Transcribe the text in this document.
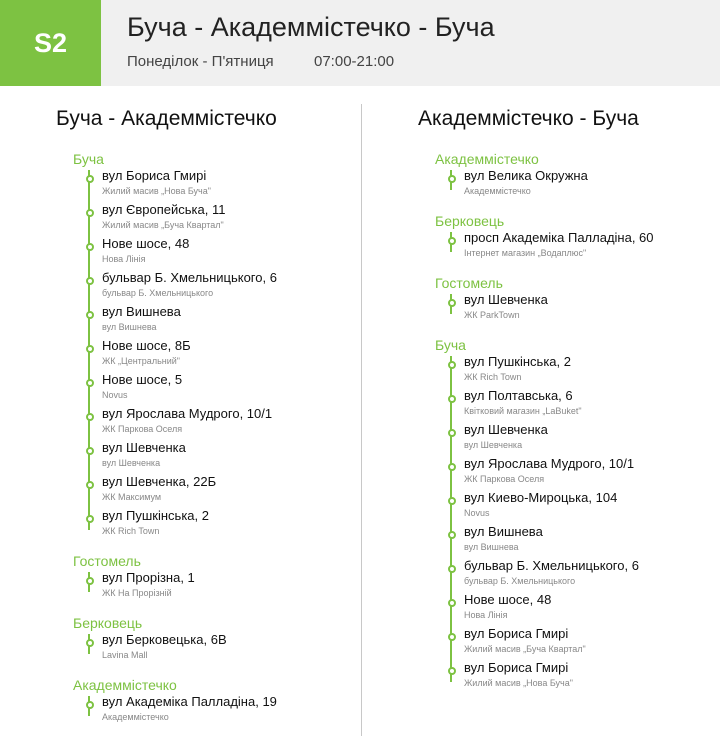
S2
Буча - Академмістечко - Буча
Понеділок - П'ятниця	07:00-21:00
Буча - Академмістечко
Буча
вул Бориса Гмирі
Жилий масив „Нова Буча"
вул Європейська, 11
Жилий масив „Буча Квартал"
Нове шосе, 48
Нова Лінія
бульвар Б. Хмельницького, 6
бульвар Б. Хмельницького
вул Вишнева
вул Вишнева
Нове шосе, 8Б
ЖК „Центральний"
Нове шосе, 5
Novus
вул Ярослава Мудрого, 10/1
ЖК Паркова Оселя
вул Шевченка
вул Шевченка
вул Шевченка, 22Б
ЖК Максимум
вул Пушкінська, 2
ЖК Rich Town
Гостомель
вул Прорізна, 1
ЖК На Прорізній
Берковець
вул Берковецька, 6В
Lavina Mall
Академмістечко
вул Академіка Палладіна, 19
Академмістечко
Академмістечко - Буча
Академмістечко
вул Велика Окружна
Академмістечко
Берковець
просп Академіка Палладіна, 60
Інтернет магазин „Водаплюс"
Гостомель
вул Шевченка
ЖК ParkTown
Буча
вул Пушкінська, 2
ЖК Rich Town
вул Полтавська, 6
Квітковий магазин „LaBuket"
вул Шевченка
вул Шевченка
вул Ярослава Мудрого, 10/1
ЖК Паркова Оселя
вул Киево-Мироцька, 104
Novus
вул Вишнева
вул Вишнева
бульвар Б. Хмельницького, 6
бульвар Б. Хмельницького
Нове шосе, 48
Нова Лінія
вул Бориса Гмирі
Жилий масив „Буча Квартал"
вул Бориса Гмирі
Жилий масив „Нова Буча"
